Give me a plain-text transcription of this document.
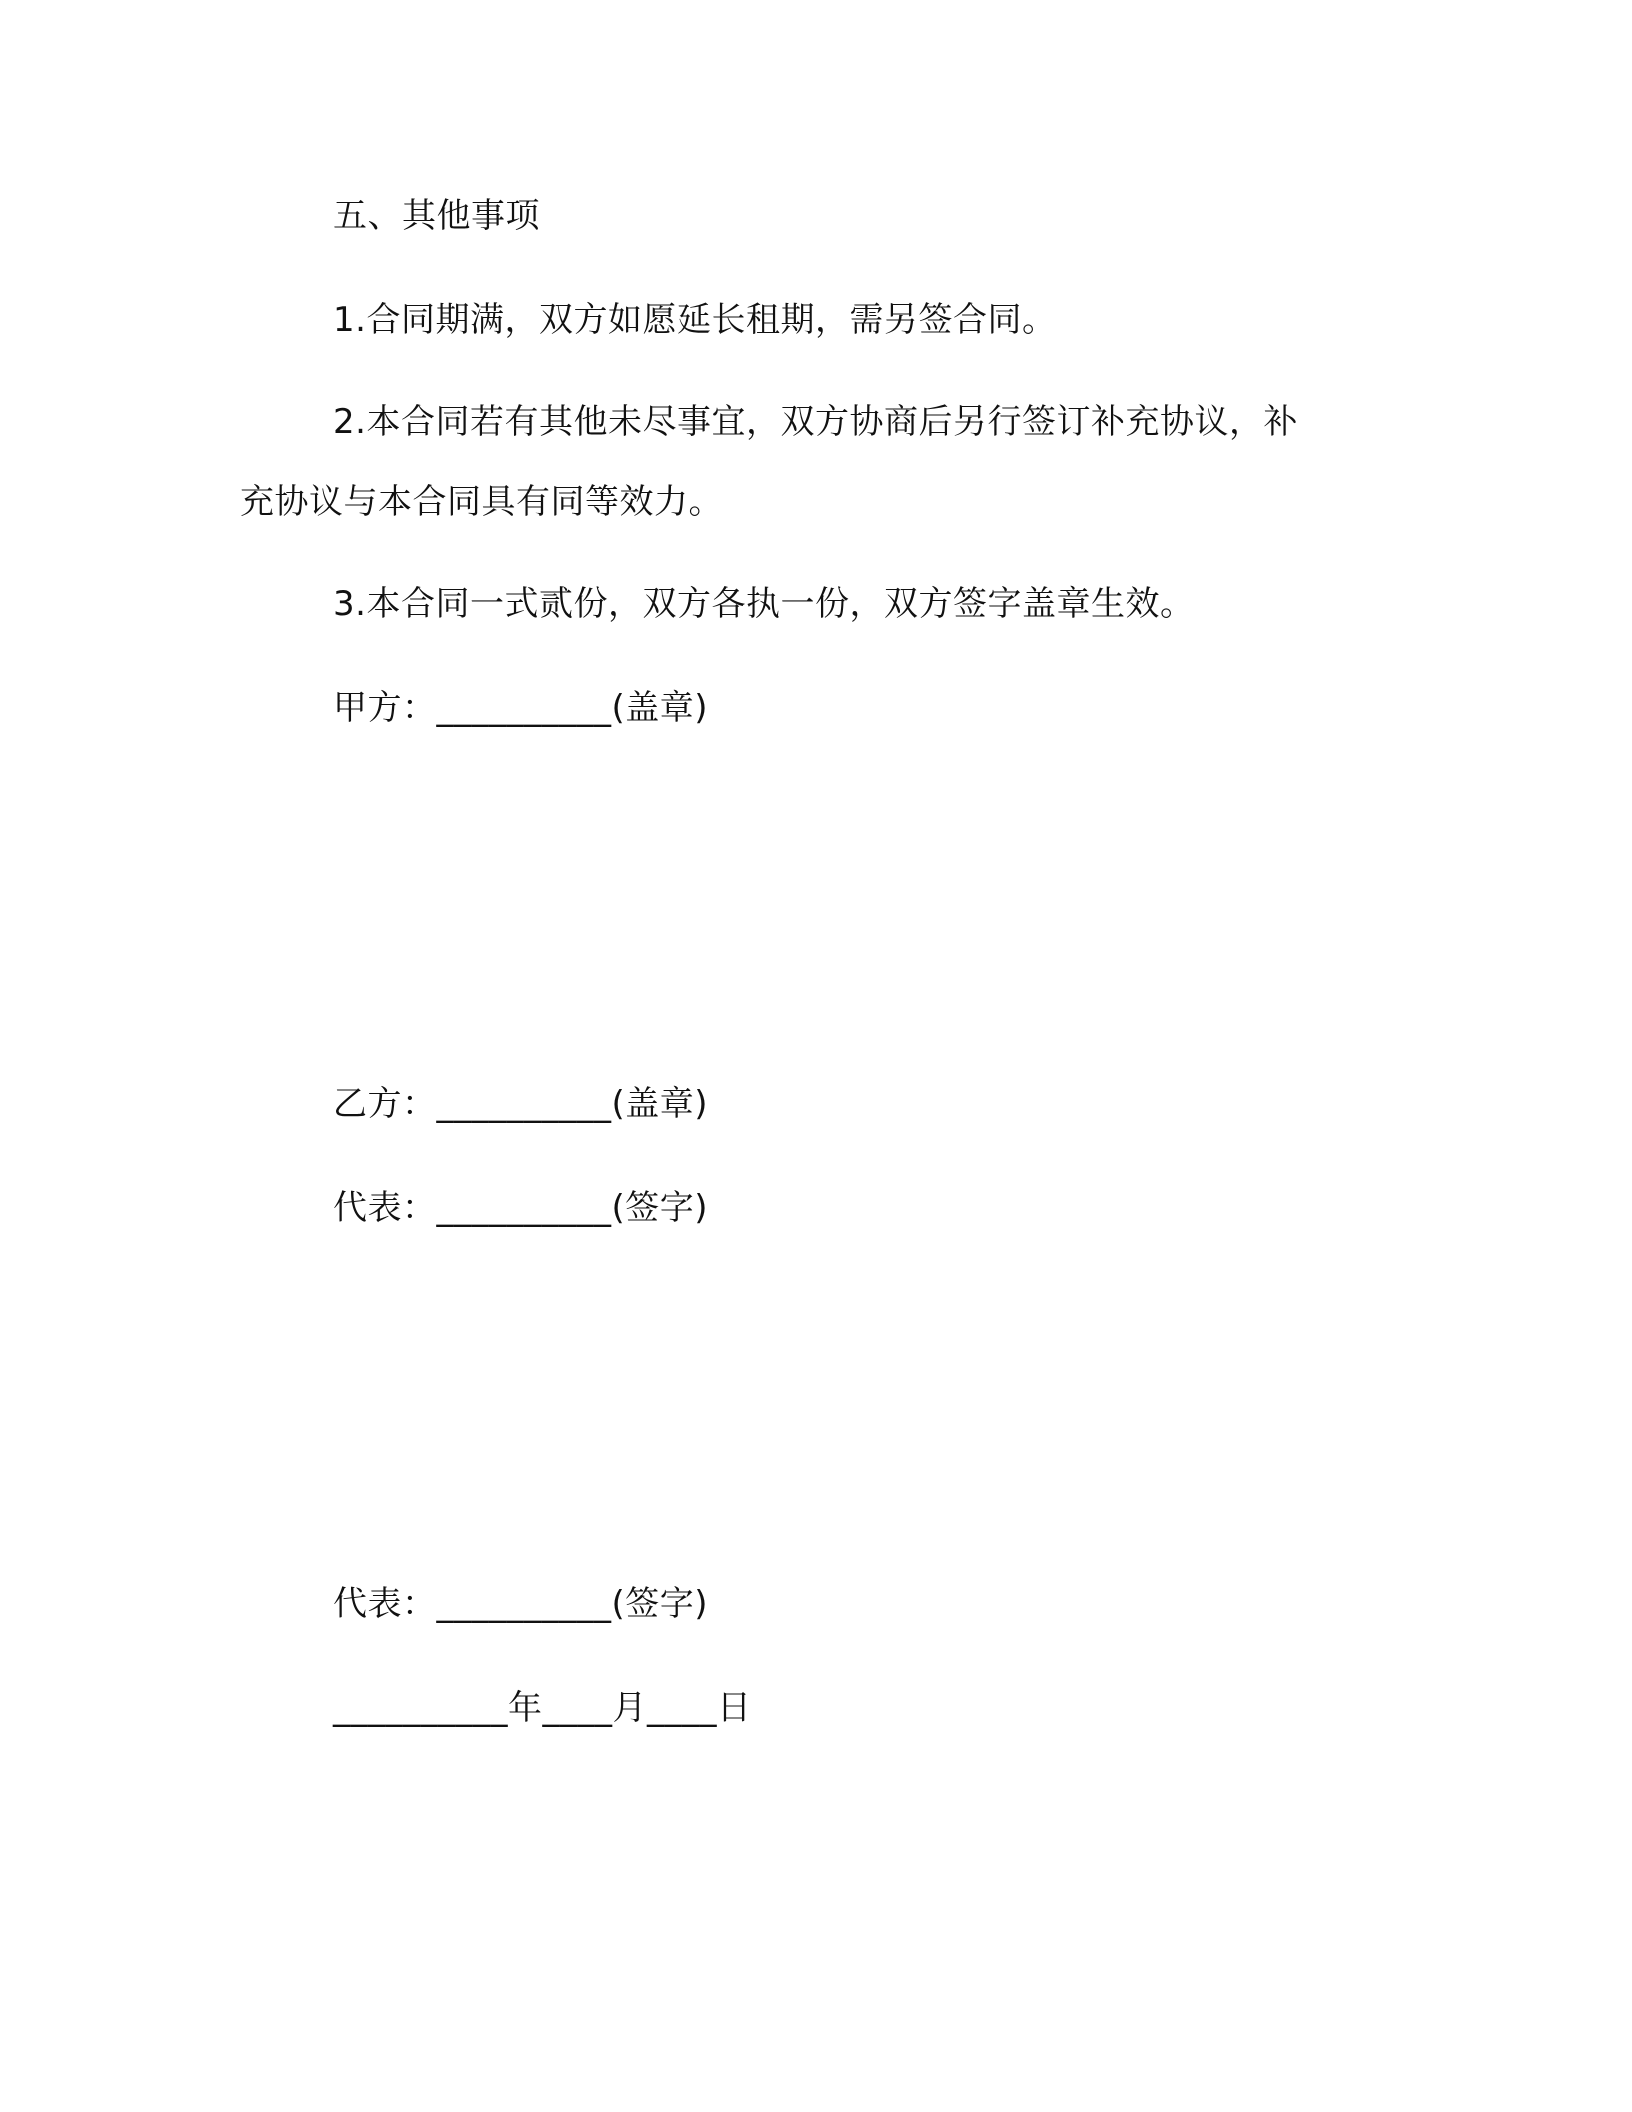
五、其他事项

1.合同期满，双方如愿延长租期，需另签合同。

2.本合同若有其他未尽事宜，双方协商后另行签订补充协议，补

充协议与本合同具有同等效力。

3.本合同一式贰份，双方各执一份，双方签字盖章生效。

甲方：__________(盖章)

乙方：__________(盖章)

代表：__________(签字)

代表：__________(签字)

__________年____月____日
